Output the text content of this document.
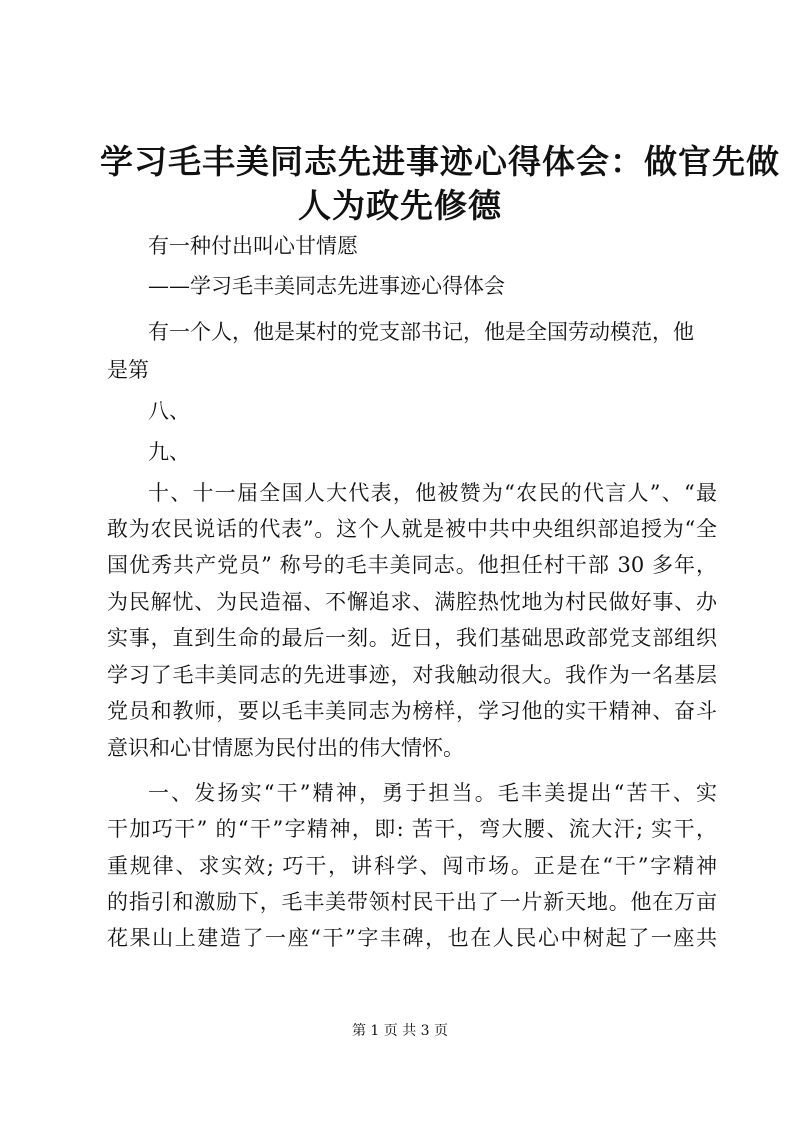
学习毛丰美同志先进事迹心得体会：做官先做
人为政先修德
有一种付出叫心甘情愿
——学习毛丰美同志先进事迹心得体会
有一个人，他是某村的党支部书记，他是全国劳动模范，他
是第
八、
九、
十、十一届全国人大代表，他被赞为“农民的代言人”、“最
敢为农民说话的代表”。这个人就是被中共中央组织部追授为“全
国优秀共产党员” 称号的毛丰美同志。他担任村干部 30 多年，
为民解忧、为民造福、不懈追求、满腔热忱地为村民做好事、办
实事，直到生命的最后一刻。近日，我们基础思政部党支部组织
学习了毛丰美同志的先进事迹，对我触动很大。我作为一名基层
党员和教师，要以毛丰美同志为榜样，学习他的实干精神、奋斗
意识和心甘情愿为民付出的伟大情怀。
一、发扬实“干”精神，勇于担当。毛丰美提出“苦干、实
干加巧干” 的“干”字精神，即: 苦干，弯大腰、流大汗; 实干，
重规律、求实效; 巧干，讲科学、闯市场。正是在“干”字精神
的指引和激励下，毛丰美带领村民干出了一片新天地。他在万亩
花果山上建造了一座“干”字丰碑，也在人民心中树起了一座共
第 1 页 共 3 页
